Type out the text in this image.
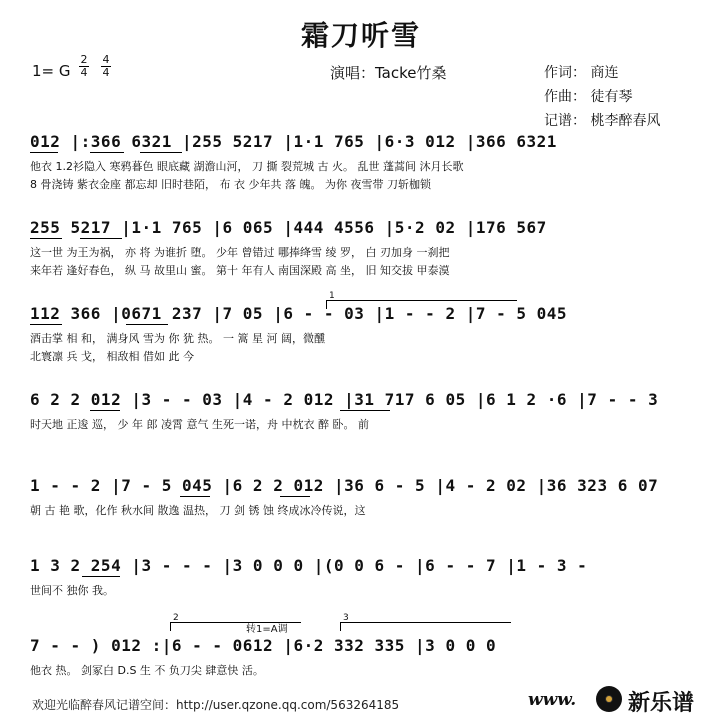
霜刀听雪
1= G
2
4
4
4	演唱：Tacke竹桑	作词： 商连
作曲： 徒有琴
记谱： 桃李醉春风
012 |:366 6321 |255 5217 |1·1 765 |6·3 012 |366 6321
他衣 1.2衫隐入 寒鸦暮色 眼底藏 湖澹山河， 刀 撕 裂荒城 古 火。 乱世 蓬蒿间 沐月长歌
8 骨浇铸 紫衣金座 都忘却 旧时巷陌， 布 衣 少年共 落 魄。 为你 夜雪带 刀斩枷锁
255 5217 |1·1 765 |6 065 |444 4556 |5·2 02 |176 567
这一世 为王为祸， 亦 将 为谁折 堕。 少年 曾错过 哪捧绛雪 绫 罗， 白 刃加身 一刹把
来年若 逢好春色， 纵 马 故里山 蜜。 第十 年有人 南国深殿 高 坐， 旧 知交拔 甲泰漠
1
112 366 |0671 237 |7 05 |6 - - 03 |1 - - 2 |7 - 5 045
酒击掌 相 和， 满身风 雪为 你 犹 热。 一 篙 星 河 阔，微醺
北寰凛 兵 戈， 相敌相 借如 此 今
6 2 2 012 |3 - - 03 |4 - 2 012 |31 717 6 05 |6 1 2 ·6 |7 - - 3
时天地 正逡 巡， 少 年 郎 凌霄 意气 生死一诺，舟 中枕衣 醉 卧。 前
1 - - 2 |7 - 5 045 |6 2 2 012 |36 6 - 5 |4 - 2 02 |36 323 6 07
朝 古 艳 歌，化作 秋水间 散逸 温热， 刀 剑 锈 蚀 终成冰冷传说，这
1 3 2 254 |3 - - - |3 0 0 0 |(0 0 6 - |6 - - 7 |1 - 3 -
世间不 独你 我。
2	3
转1=A调
7 - - ) 012 :|6 - - 0612 |6·2 332 335 |3 0 0 0
他衣 热。 剑冢白 D.S 生 不 负刀尖 肆意快 活。
欢迎光临醉春风记谱空间：http://user.qzone.qq.com/563264185	www. 新乐谱
